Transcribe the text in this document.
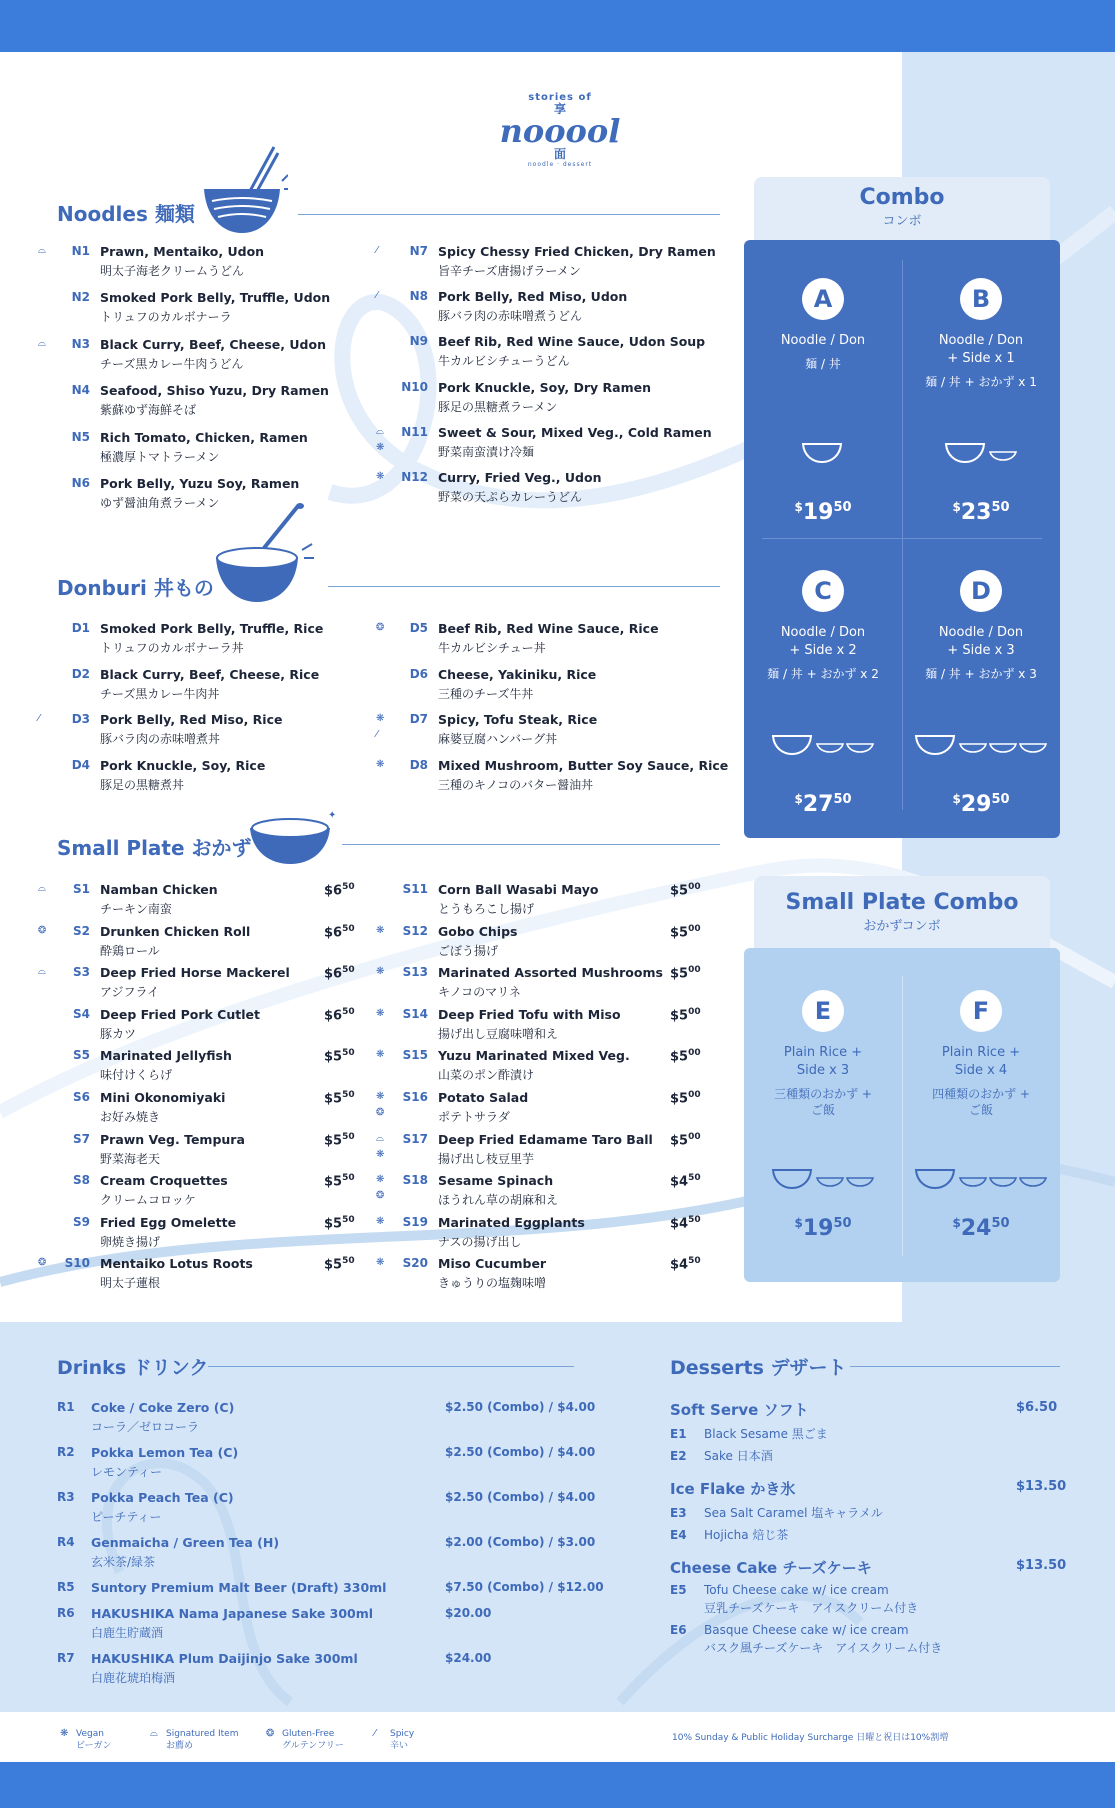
stories of
享
nooool
面
noodle · dessert
Noodles 麺類
⌓	N1 Prawn, Mentaiko, Udon
明太子海老クリームうどん
N2 Smoked Pork Belly, Truffle, Udon
トリュフのカルボナーラ
⌓	N3 Black Curry, Beef, Cheese, Udon
チーズ黒カレー牛肉うどん
N4 Seafood, Shiso Yuzu, Dry Ramen
紫蘇ゆず海鮮そば
N5 Rich Tomato, Chicken, Ramen
極濃厚トマトラーメン
N6 Pork Belly, Yuzu Soy, Ramen
ゆず醤油角煮ラーメン
⁄	N7 Spicy Chessy Fried Chicken, Dry Ramen
旨辛チーズ唐揚げラーメン
⁄	N8 Pork Belly, Red Miso, Udon
豚バラ肉の赤味噌煮うどん
N9 Beef Rib, Red Wine Sauce, Udon Soup
牛カルビシチューうどん
N10 Pork Knuckle, Soy, Dry Ramen
豚足の黒糖煮ラーメン
⌓
❋
N11 Sweet & Sour, Mixed Veg., Cold Ramen
野菜南蛮漬け冷麺
❋	N12 Curry, Fried Veg., Udon
野菜の天ぷらカレーうどん
Donburi 丼もの
D1 Smoked Pork Belly, Truffle, Rice
トリュフのカルボナーラ丼
D2 Black Curry, Beef, Cheese, Rice
チーズ黒カレー牛肉丼
⁄	D3 Pork Belly, Red Miso, Rice
豚バラ肉の赤味噌煮丼
D4 Pork Knuckle, Soy, Rice
豚足の黒糖煮丼
❂	D5 Beef Rib, Red Wine Sauce, Rice
牛カルビシチュー丼
D6 Cheese, Yakiniku, Rice
三種のチーズ牛丼
❋
⁄
D7 Spicy, Tofu Steak, Rice
麻婆豆腐ハンバーグ丼
❋	D8 Mixed Mushroom, Butter Soy Sauce, Rice
三種のキノコのバター醤油丼
Small Plate おかず
✦
⌓	S1 Namban Chicken
チーキン南蛮
$\$6^{50}$
❂	S2 Drunken Chicken Roll
酔鶏ロール
$\$6^{50}$
⌓	S3 Deep Fried Horse Mackerel
アジフライ
$\$6^{50}$
S4 Deep Fried Pork Cutlet
豚カツ
$\$6^{50}$
S5 Marinated Jellyfish
味付けくらげ
$\$5^{50}$
S6 Mini Okonomiyaki
お好み焼き
$\$5^{50}$
S7 Prawn Veg. Tempura
野菜海老天
$\$5^{50}$
S8 Cream Croquettes
クリームコロッケ
$\$5^{50}$
S9 Fried Egg Omelette
卵焼き揚げ
$\$5^{50}$
❂	S10 Mentaiko Lotus Roots
明太子蓮根
$\$5^{50}$
S11 Corn Ball Wasabi Mayo
とうもろこし揚げ
$\$5^{00}$
❋	S12 Gobo Chips
ごぼう揚げ
$\$5^{00}$
❋	S13 Marinated Assorted Mushrooms
キノコのマリネ
$\$5^{00}$
❋	S14 Deep Fried Tofu with Miso
揚げ出し豆腐味噌和え
$\$5^{00}$
❋	S15 Yuzu Marinated Mixed Veg.
山菜のポン酢漬け
$\$5^{00}$
❋
❂
S16 Potato Salad
ポテトサラダ
$\$5^{00}$
⌓
❋
S17 Deep Fried Edamame Taro Ball
揚げ出し枝豆里芋
$\$5^{00}$
❋
❂
S18 Sesame Spinach
ほうれん草の胡麻和え
$\$4^{50}$
❋	S19 Marinated Eggplants
ナスの揚げ出し
$\$4^{50}$
❋	S20 Miso Cucumber
きゅうりの塩麹味噌
$\$4^{50}$
Combo
コンボ
A
Noodle / Don
麺 / 丼
$^{\$}19^{50}$
B
Noodle / Don
+ Side x 1
麺 / 丼 + おかず x 1
$^{\$}23^{50}$
C
Noodle / Don
+ Side x 2
麺 / 丼 + おかず x 2
$^{\$}27^{50}$
D
Noodle / Don
+ Side x 3
麺 / 丼 + おかず x 3
$^{\$}29^{50}$
Small Plate Combo
おかずコンボ
E
Plain Rice +
Side x 3
三種類のおかず +
ご飯
$^{\$}19^{50}$
F
Plain Rice +
Side x 4
四種類のおかず +
ご飯
$^{\$}24^{50}$
Drinks ドリンク
R1 Coke / Coke Zero (C)
コーラ／ゼロコーラ
$2.50 (Combo) / $4.00
R2 Pokka Lemon Tea (C)
レモンティー
$2.50 (Combo) / $4.00
R3 Pokka Peach Tea (C)
ピーチティー
$2.50 (Combo) / $4.00
R4 Genmaicha / Green Tea (H)
玄米茶/緑茶
$2.00 (Combo) / $3.00
R5 Suntory Premium Malt Beer (Draft) 330ml	$7.50 (Combo) / $12.00
R6 HAKUSHIKA Nama Japanese Sake 300ml
白鹿生貯蔵酒
$20.00
R7 HAKUSHIKA Plum Daijinjo Sake 300ml
白鹿花琥珀梅酒
$24.00
Desserts デザート
Soft Serve ソフト	$6.50
E1 Black Sesame 黒ごま
E2 Sake 日本酒
Ice Flake かき氷	$13.50
E3 Sea Salt Caramel 塩キャラメル
E4 Hojicha 焙じ茶
Cheese Cake チーズケーキ	$13.50
E5 Tofu Cheese cake w/ ice cream
豆乳チーズケーキ　アイスクリーム付き
E6 Basque Cheese cake w/ ice cream
バスク風チーズケーキ　アイスクリーム付き
❋ Vegan
ビーガン
⌓ Signatured Item
お薦め
❂ Gluten-Free
グルテンフリー
⁄ Spicy
辛い
10% Sunday & Public Holiday Surcharge 日曜と祝日は10%割増
